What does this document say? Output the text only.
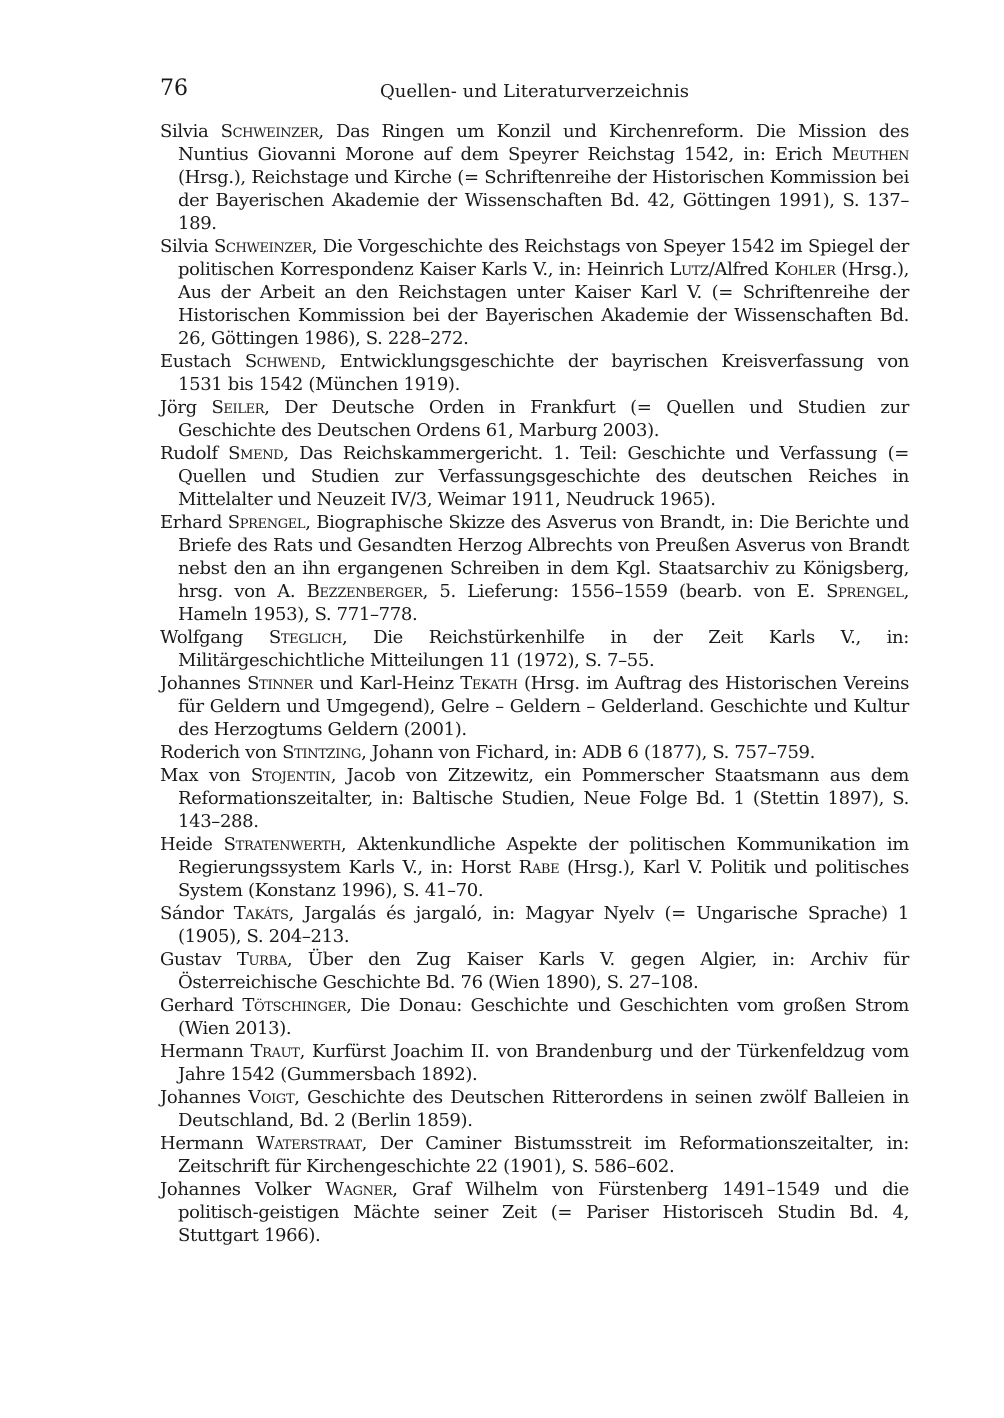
76	Quellen- und Literaturverzeichnis
Silvia Schweinzer, Das Ringen um Konzil und Kirchenreform. Die Mission des Nuntius Giovanni Morone auf dem Speyrer Reichstag 1542, in: Erich Meuthen (Hrsg.), Reichstage und Kirche (= Schriftenreihe der Historischen Kommission bei der Bayerischen Akademie der Wissenschaften Bd. 42, Göttingen 1991), S. 137–189.
Silvia Schweinzer, Die Vorgeschichte des Reichstags von Speyer 1542 im Spiegel der politischen Korrespondenz Kaiser Karls V., in: Heinrich Lutz/Alfred Kohler (Hrsg.), Aus der Arbeit an den Reichstagen unter Kaiser Karl V. (= Schriftenreihe der Historischen Kommission bei der Bayerischen Akademie der Wissenschaften Bd. 26, Göttingen 1986), S. 228–272.
Eustach Schwend, Entwicklungsgeschichte der bayrischen Kreisverfassung von 1531 bis 1542 (München 1919).
Jörg Seiler, Der Deutsche Orden in Frankfurt (= Quellen und Studien zur Geschichte des Deutschen Ordens 61, Marburg 2003).
Rudolf Smend, Das Reichskammergericht. 1. Teil: Geschichte und Verfassung (= Quellen und Studien zur Verfassungsgeschichte des deutschen Reiches in Mittelalter und Neuzeit IV/3, Weimar 1911, Neudruck 1965).
Erhard Sprengel, Biographische Skizze des Asverus von Brandt, in: Die Berichte und Briefe des Rats und Gesandten Herzog Albrechts von Preußen Asverus von Brandt nebst den an ihn ergangenen Schreiben in dem Kgl. Staatsarchiv zu Königsberg, hrsg. von A. Bezzenberger, 5. Lieferung: 1556–1559 (bearb. von E. Sprengel, Hameln 1953), S. 771–778.
Wolfgang Steglich, Die Reichstürkenhilfe in der Zeit Karls V., in: Militärgeschichtliche Mitteilungen 11 (1972), S. 7–55.
Johannes Stinner und Karl-Heinz Tekath (Hrsg. im Auftrag des Historischen Vereins für Geldern und Umgegend), Gelre – Geldern – Gelderland. Geschichte und Kultur des Herzogtums Geldern (2001).
Roderich von Stintzing, Johann von Fichard, in: ADB 6 (1877), S. 757–759.
Max von Stojentin, Jacob von Zitzewitz, ein Pommerscher Staatsmann aus dem Reformationszeitalter, in: Baltische Studien, Neue Folge Bd. 1 (Stettin 1897), S. 143–288.
Heide Stratenwerth, Aktenkundliche Aspekte der politischen Kommunikation im Regierungssystem Karls V., in: Horst Rabe (Hrsg.), Karl V. Politik und politisches System (Konstanz 1996), S. 41–70.
Sándor Takáts, Jargalás és jargaló, in: Magyar Nyelv (= Ungarische Sprache) 1 (1905), S. 204–213.
Gustav Turba, Über den Zug Kaiser Karls V. gegen Algier, in: Archiv für Österreichische Geschichte Bd. 76 (Wien 1890), S. 27–108.
Gerhard Tötschinger, Die Donau: Geschichte und Geschichten vom großen Strom (Wien 2013).
Hermann Traut, Kurfürst Joachim II. von Brandenburg und der Türkenfeldzug vom Jahre 1542 (Gummersbach 1892).
Johannes Voigt, Geschichte des Deutschen Ritterordens in seinen zwölf Balleien in Deutschland, Bd. 2 (Berlin 1859).
Hermann Waterstraat, Der Caminer Bistumsstreit im Reformationszeitalter, in: Zeitschrift für Kirchengeschichte 22 (1901), S. 586–602.
Johannes Volker Wagner, Graf Wilhelm von Fürstenberg 1491–1549 und die politisch-geistigen Mächte seiner Zeit (= Pariser Historisceh Studin Bd. 4, Stuttgart 1966).
